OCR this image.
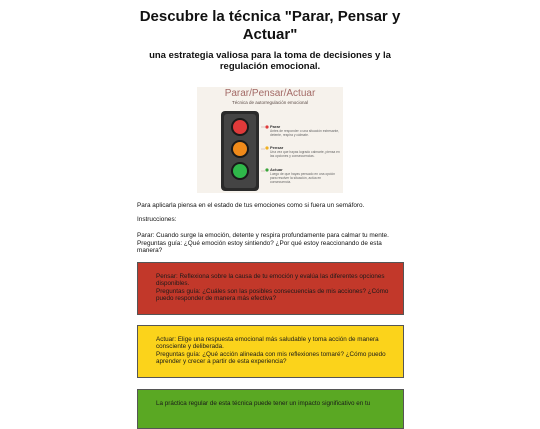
Descubre la técnica "Parar, Pensar y Actuar"
una estrategia valiosa para la toma de decisiones y la regulación emocional.
Parar/Pensar/Actuar
Técnica de autorregulación emocional
Parar
Antes de responder o una situación estresante, detente, respira y cálmate.
Pensar
Una vez que hayas logrado calmarte, piensa en las opciones y consecuencias.
Actuar
Luego de que hayas pensado en una opción para resolver la situación, actúa en consecuencia.
Para aplicarla piensa en el estado de tus emociones como si fuera un semáforo.
Instrucciones:
Parar: Cuando surge la emoción, detente y respira profundamente para calmar tu mente. Preguntas guía: ¿Qué emoción estoy sintiendo? ¿Por qué estoy reaccionando de esta manera?

Pensar: Reflexiona sobre la causa de tu emoción y evalúa las diferentes opciones disponibles.

Preguntas guía: ¿Cuáles son las posibles consecuencias de mis acciones? ¿Cómo puedo responder de manera más efectiva?

Actuar: Elige una respuesta emocional más saludable y toma acción de manera consciente y deliberada.

Preguntas guía: ¿Qué acción alineada con mis reflexiones tomaré? ¿Cómo puedo aprender y crecer a partir de esta experiencia?

La práctica regular de esta técnica puede tener un impacto significativo en tu
